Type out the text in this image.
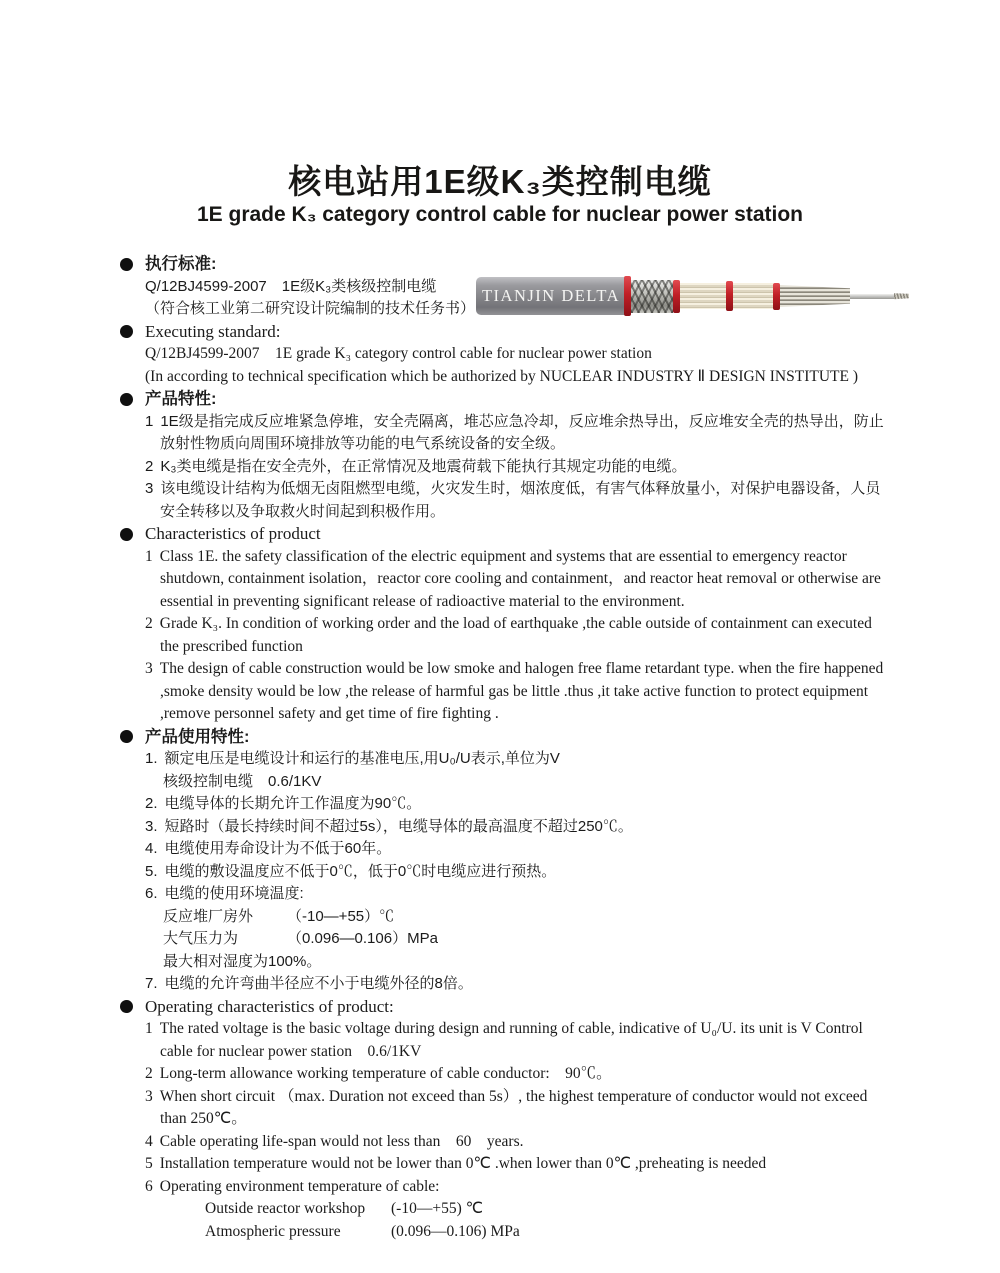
核电站用1E级K₃类控制电缆
1E grade K₃ category control cable for nuclear power station
TIANJIN DELTA
执行标准:

Q/12BJ4599-2007　1E级K₃类核级控制电缆

（符合核工业第二研究设计院编制的技术任务书）

Executing standard:

Q/12BJ4599-2007　1E grade K₃ category control cable for nuclear power station

(In according to technical specification which be authorized by NUCLEAR INDUSTRY Ⅱ DESIGN INSTITUTE )

产品特性:

1 1E级是指完成反应堆紧急停堆，安全壳隔离，堆芯应急冷却，反应堆余热导出，反应堆安全壳的热导出，防止放射性物质向周围环境排放等功能的电气系统设备的安全级。

2 K₃类电缆是指在安全壳外，在正常情况及地震荷载下能执行其规定功能的电缆。

3 该电缆设计结构为低烟无卤阻燃型电缆，火灾发生时，烟浓度低，有害气体释放量小，对保护电器设备，人员安全转移以及争取救火时间起到积极作用。

Characteristics of product

1 Class 1E. the safety classification of the electric equipment and systems that are essential to emergency reactor shutdown, containment isolation，reactor core cooling and containment，and reactor heat removal or otherwise are essential in preventing significant release of radioactive material to the environment.

2 Grade K₃. In condition of working order and the load of earthquake ,the cable outside of containment can executed the prescribed function

3 The design of cable construction would be low smoke and halogen free flame retardant type. when the fire happened ,smoke density would be low ,the release of harmful gas be little .thus ,it take active function to protect equipment ,remove personnel safety and get time of fire fighting .

产品使用特性:

1. 额定电压是电缆设计和运行的基准电压,用U₀/U表示,单位为V

核级控制电缆　0.6/1KV

2. 电缆导体的长期允许工作温度为90℃。

3. 短路时（最长持续时间不超过5s），电缆导体的最高温度不超过250℃。

4. 电缆使用寿命设计为不低于60年。

5. 电缆的敷设温度应不低于0℃，低于0℃时电缆应进行预热。

6. 电缆的使用环境温度:

反应堆厂房外 （-10—+55）℃

大气压力为	（0.096—0.106）MPa

最大相对湿度为100%。

7. 电缆的允许弯曲半径应不小于电缆外径的8倍。

Operating characteristics of product:

1 The rated voltage is the basic voltage during design and running of cable, indicative of U₀/U. its unit is V Control cable for nuclear power station　0.6/1KV

2 Long-term allowance working temperature of cable conductor:　90℃。

3 When short circuit （max. Duration not exceed than 5s）, the highest temperature of conductor would not exceed than 250℃。

4 Cable operating life-span would not less than　60　years.

5 Installation temperature would not be lower than 0℃ .when lower than 0℃ ,preheating is needed

6 Operating environment temperature of cable:

Outside reactor workshop (-10—+55) ℃

Atmospheric pressure	(0.096—0.106) MPa
